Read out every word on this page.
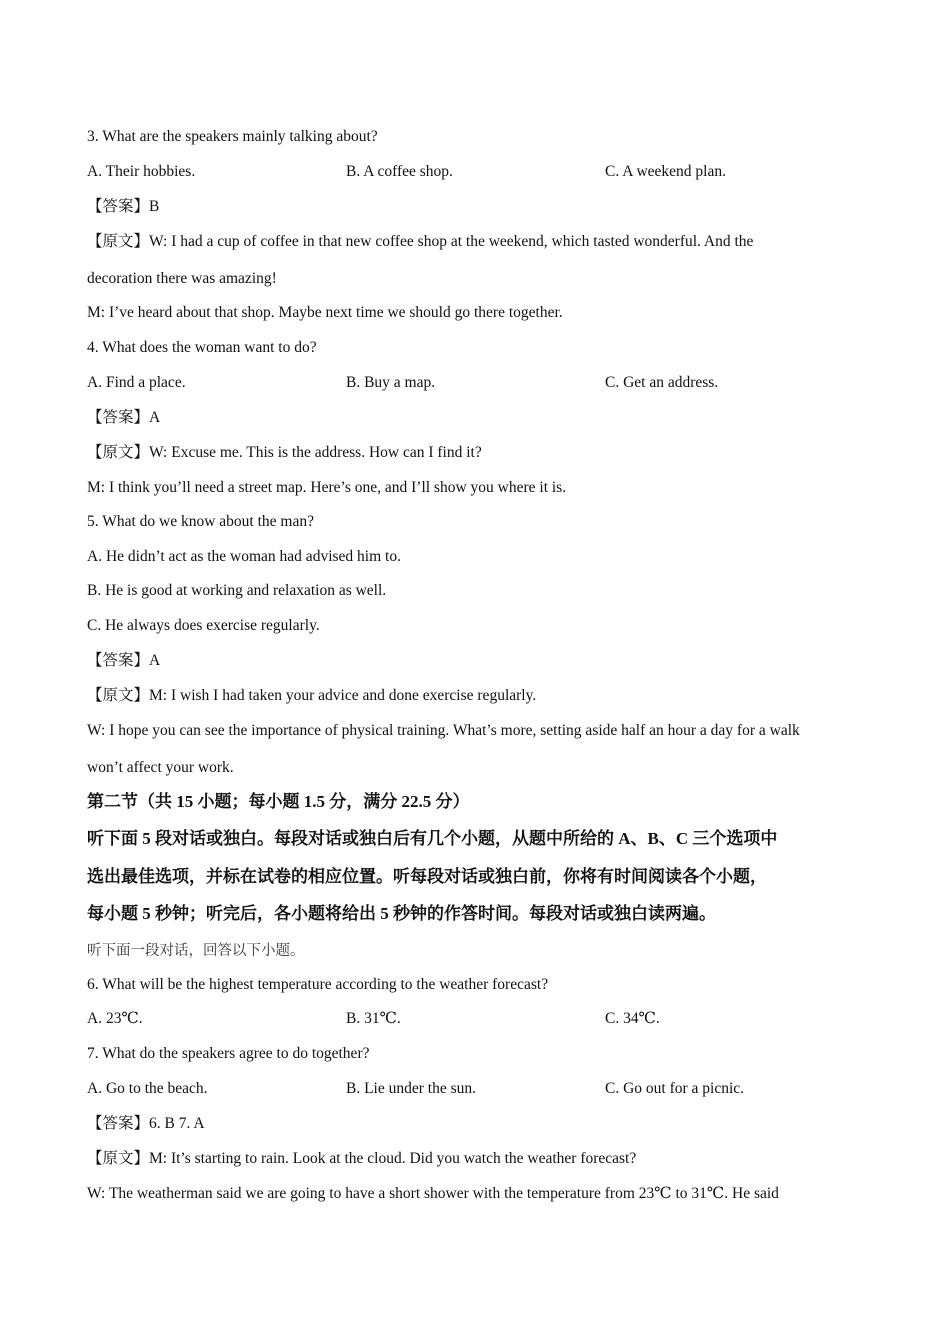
3. What are the speakers mainly talking about?
A. Their hobbies.	B. A coffee shop.	C. A weekend plan.
【答案】B
【原文】W: I had a cup of coffee in that new coffee shop at the weekend, which tasted wonderful. And the
decoration there was amazing!
M: I’ve heard about that shop. Maybe next time we should go there together.
4. What does the woman want to do?
A. Find a place.	B. Buy a map.	C. Get an address.
【答案】A
【原文】W: Excuse me. This is the address. How can I find it?
M: I think you’ll need a street map. Here’s one, and I’ll show you where it is.
5. What do we know about the man?
A. He didn’t act as the woman had advised him to.
B. He is good at working and relaxation as well.
C. He always does exercise regularly.
【答案】A
【原文】M: I wish I had taken your advice and done exercise regularly.
W: I hope you can see the importance of physical training. What’s more, setting aside half an hour a day for a walk
won’t affect your work.
第二节（共 15 小题；每小题 1.5 分，满分 22.5 分）
听下面 5 段对话或独白。每段对话或独白后有几个小题，从题中所给的 A、B、C 三个选项中
选出最佳选项，并标在试卷的相应位置。听每段对话或独白前，你将有时间阅读各个小题，
每小题 5 秒钟；听完后，各小题将给出 5 秒钟的作答时间。每段对话或独白读两遍。
听下面一段对话，回答以下小题。
6. What will be the highest temperature according to the weather forecast?
A. 23℃.	B. 31℃.	C. 34℃.
7. What do the speakers agree to do together?
A. Go to the beach.	B. Lie under the sun.	C. Go out for a picnic.
【答案】6. B 7. A
【原文】M: It’s starting to rain. Look at the cloud. Did you watch the weather forecast?
W: The weatherman said we are going to have a short shower with the temperature from 23℃ to 31℃. He said
